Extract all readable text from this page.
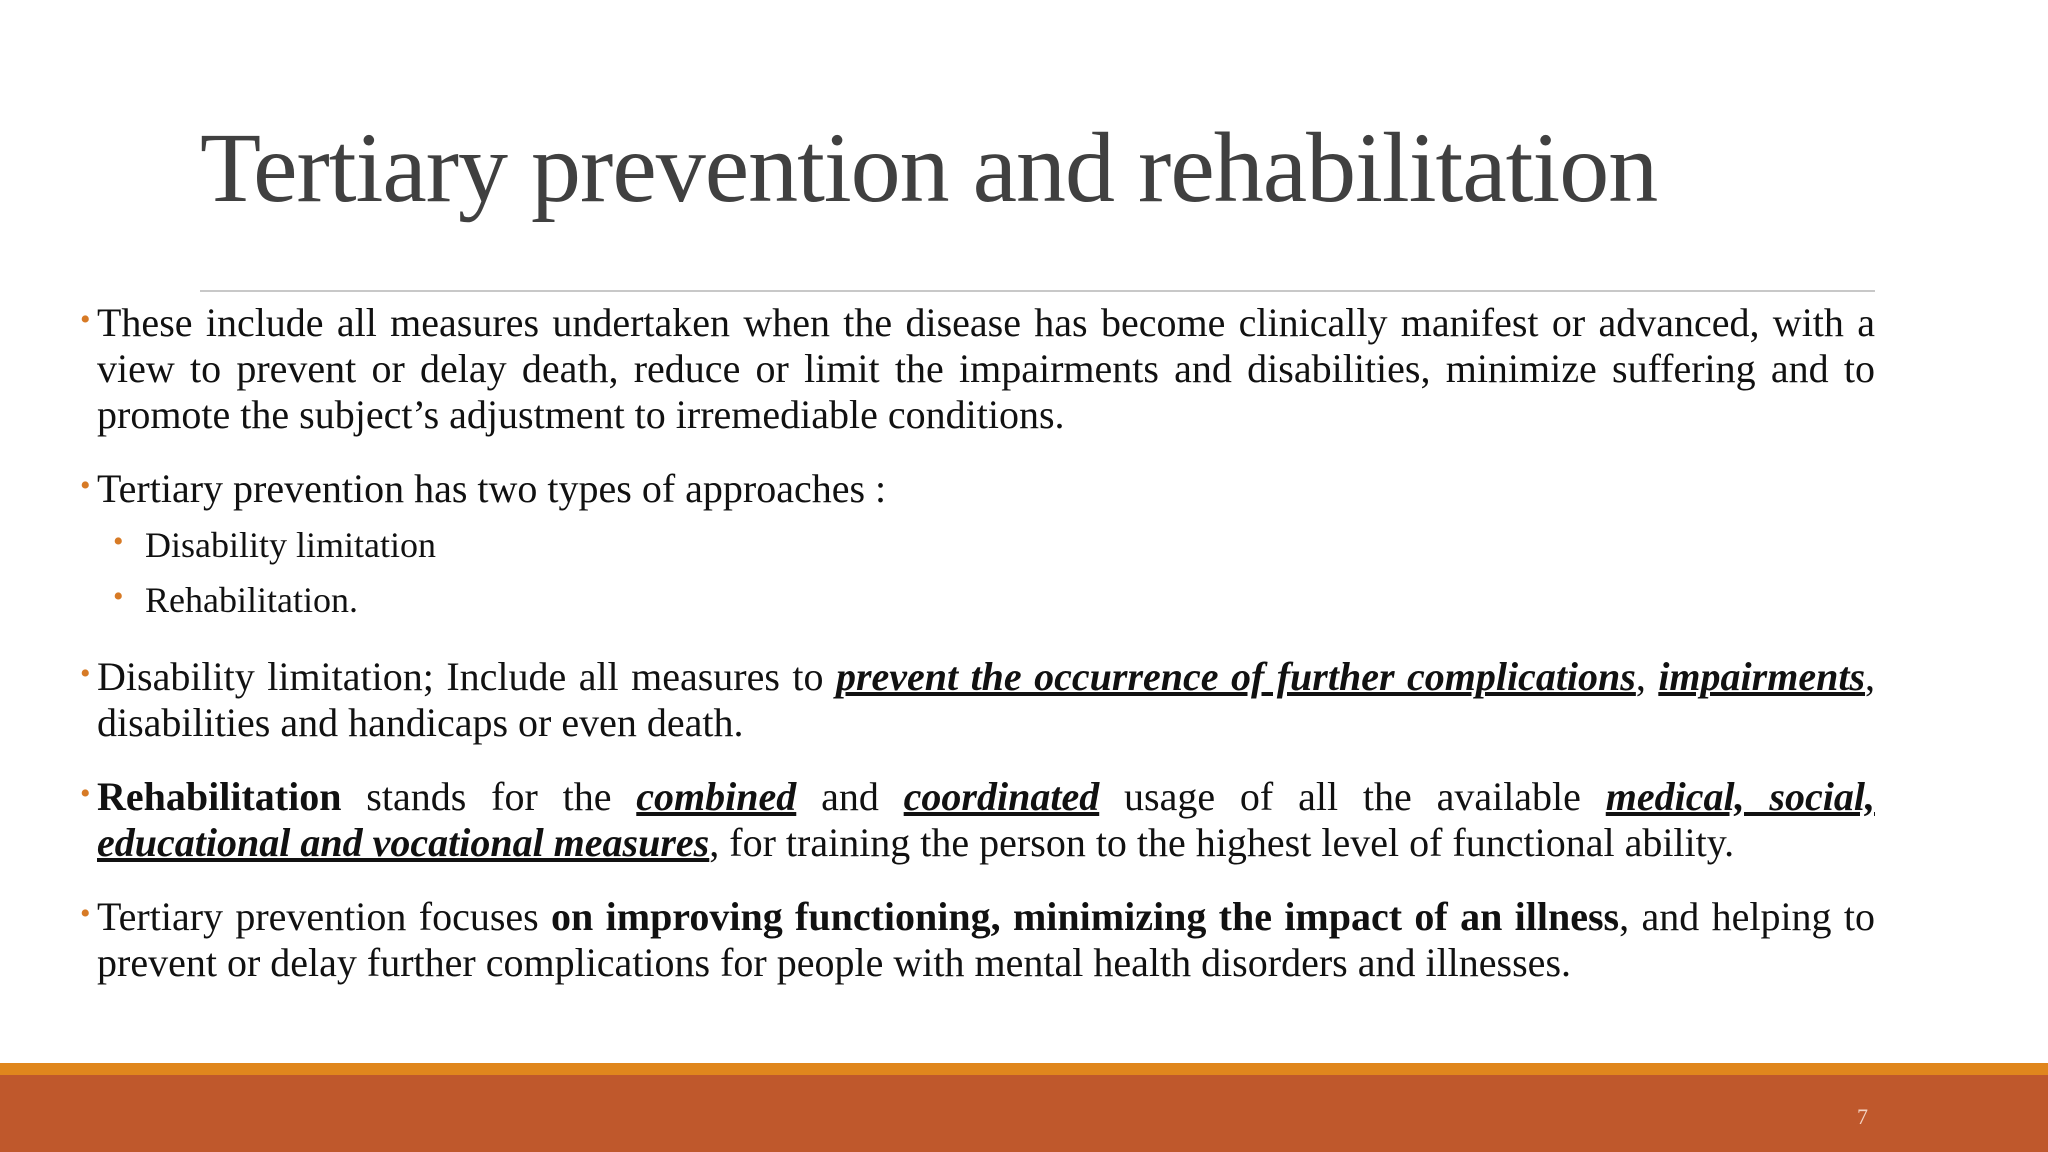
Tertiary prevention and rehabilitation
• These include all measures undertaken when the disease has become clinically manifest or advanced, with a view to prevent or delay death, reduce or limit the impairments and disabilities, minimize suffering and to promote the subject’s adjustment to irremediable conditions.
• Tertiary prevention has two types of approaches :
• Disability limitation
• Rehabilitation.
• Disability limitation; Include all measures to prevent the occurrence of further complications, impairments, disabilities and handicaps or even death.
• Rehabilitation stands for the combined and coordinated usage of all the available medical, social, educational and vocational measures, for training the person to the highest level of functional ability.
• Tertiary prevention focuses on improving functioning, minimizing the impact of an illness, and helping to prevent or delay further complications for people with mental health disorders and illnesses.
7
